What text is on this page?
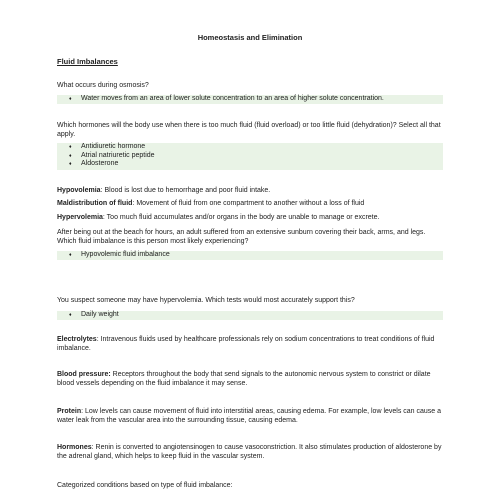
Homeostasis and Elimination
Fluid Imbalances
What occurs during osmosis?
♦ Water moves from an area of lower solute concentration to an area of higher solute concentration.
Which hormones will the body use when there is too much fluid (fluid overload) or too little fluid (dehydration)? Select all that apply.
♦ Antidiuretic hormone
♦ Atrial natriuretic peptide
♦ Aldosterone
Hypovolemia: Blood is lost due to hemorrhage and poor fluid intake.
Maldistribution of fluid: Movement of fluid from one compartment to another without a loss of fluid
Hypervolemia: Too much fluid accumulates and/or organs in the body are unable to manage or excrete.
After being out at the beach for hours, an adult suffered from an extensive sunburn covering their back, arms, and legs. Which fluid imbalance is this person most likely experiencing?
♦ Hypovolemic fluid imbalance
You suspect someone may have hypervolemia. Which tests would most accurately support this?
♦ Daily weight
Electrolytes: Intravenous fluids used by healthcare professionals rely on sodium concentrations to treat conditions of fluid imbalance.
Blood pressure: Receptors throughout the body that send signals to the autonomic nervous system to constrict or dilate blood vessels depending on the fluid imbalance it may sense.
Protein: Low levels can cause movement of fluid into interstitial areas, causing edema. For example, low levels can cause a water leak from the vascular area into the surrounding tissue, causing edema.
Hormones: Renin is converted to angiotensinogen to cause vasoconstriction. It also stimulates production of aldosterone by the adrenal gland, which helps to keep fluid in the vascular system.
Categorized conditions based on type of fluid imbalance:
